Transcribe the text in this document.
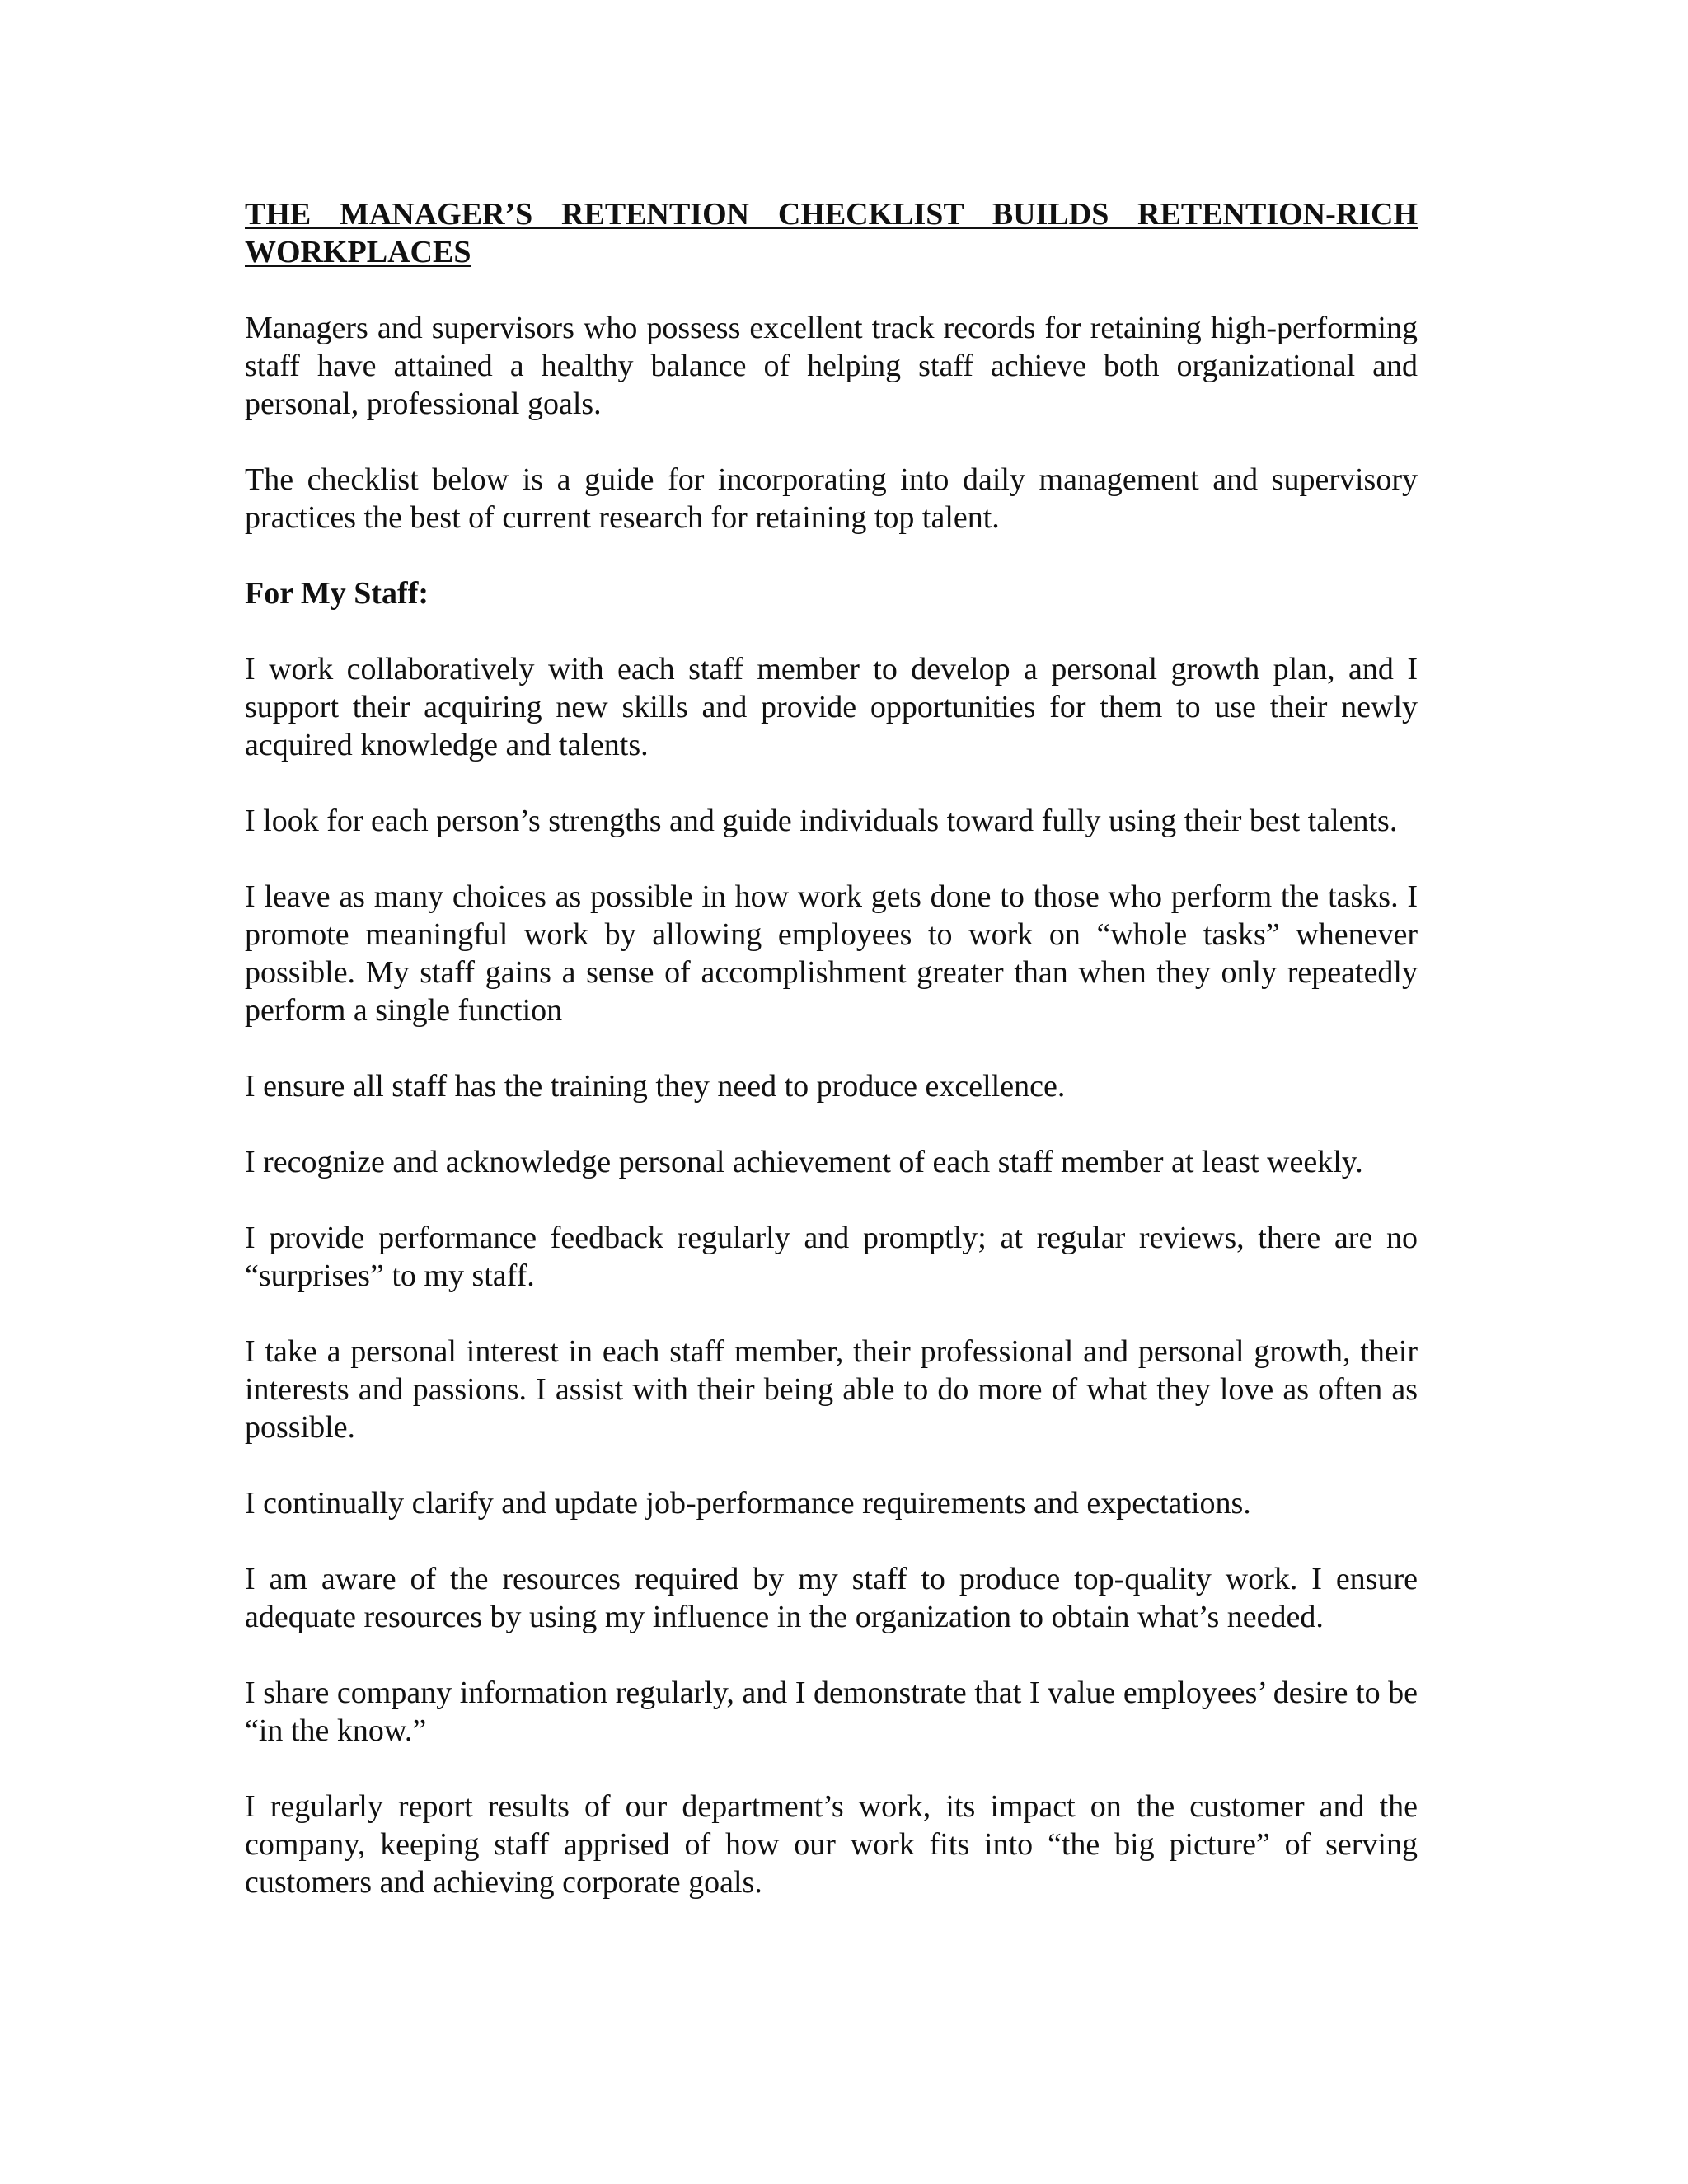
THE MANAGER’S RETENTION CHECKLIST BUILDS RETENTION-RICH WORKPLACES

Managers and supervisors who possess excellent track records for retaining high-performing staff have attained a healthy balance of helping staff achieve both organizational and personal, professional goals.

The checklist below is a guide for incorporating into daily management and supervisory practices the best of current research for retaining top talent.

For My Staff:

I work collaboratively with each staff member to develop a personal growth plan, and I support their acquiring new skills and provide opportunities for them to use their newly acquired knowledge and talents.

I look for each person’s strengths and guide individuals toward fully using their best talents.

I leave as many choices as possible in how work gets done to those who perform the tasks. I promote meaningful work by allowing employees to work on “whole tasks” whenever possible. My staff gains a sense of accomplishment greater than when they only repeatedly perform a single function

I ensure all staff has the training they need to produce excellence.

I recognize and acknowledge personal achievement of each staff member at least weekly.

I provide performance feedback regularly and promptly; at regular reviews, there are no “surprises” to my staff.

I take a personal interest in each staff member, their professional and personal growth, their interests and passions. I assist with their being able to do more of what they love as often as possible.

I continually clarify and update job-performance requirements and expectations.

I am aware of the resources required by my staff to produce top-quality work. I ensure adequate resources by using my influence in the organization to obtain what’s needed.

I share company information regularly, and I demonstrate that I value employees’ desire to be “in the know.”

I regularly report results of our department’s work, its impact on the customer and the company, keeping staff apprised of how our work fits into “the big picture” of serving customers and achieving corporate goals.
